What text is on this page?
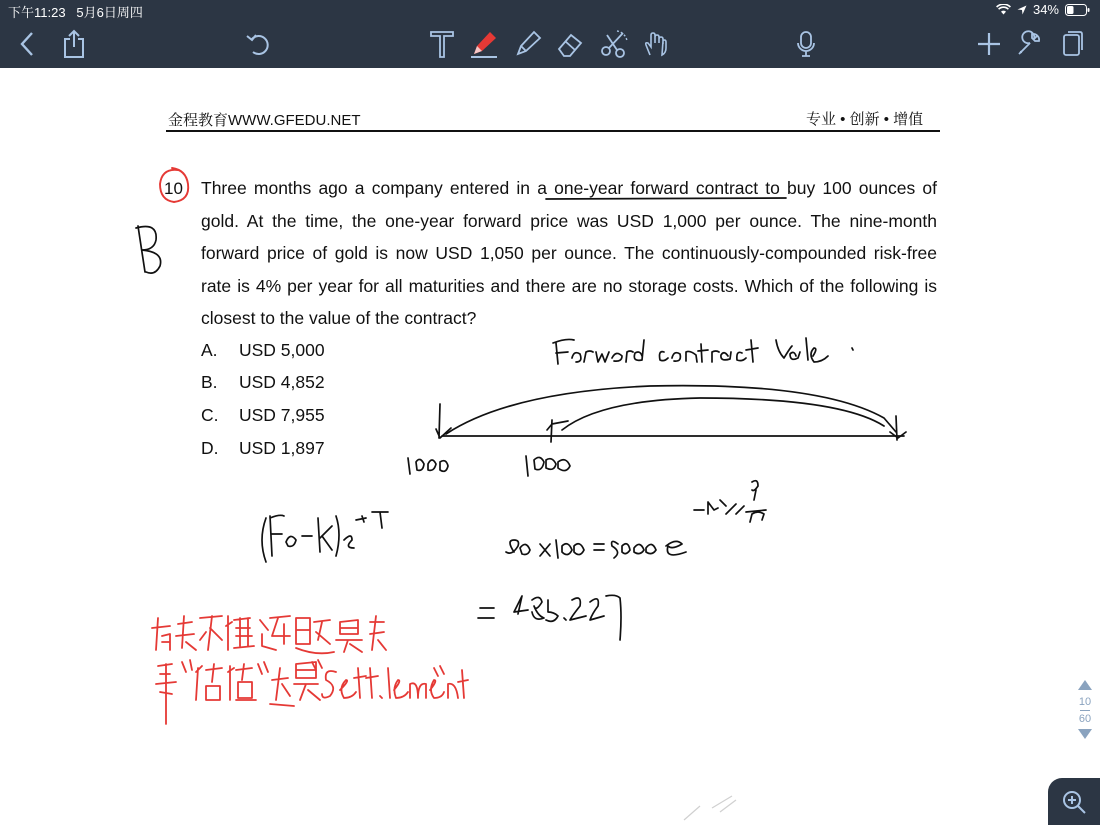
下午11:23 5月6日周四	34%
金程教育WWW.GFEDU.NET	专业 • 创新 • 增值
10 Three months ago a company entered in a one-year forward contract to buy 100 ounces of gold. At the time, the one-year forward price was USD 1,000 per ounce. The nine-month forward price of gold is now USD 1,050 per ounce. The continuously-compounded risk-free rate is 4% per year for all maturities and there are no storage costs. Which of the following is closest to the value of the contract?

A. USD 5,000
B. USD 4,852
C. USD 7,955
D. USD 1,897
10
60
